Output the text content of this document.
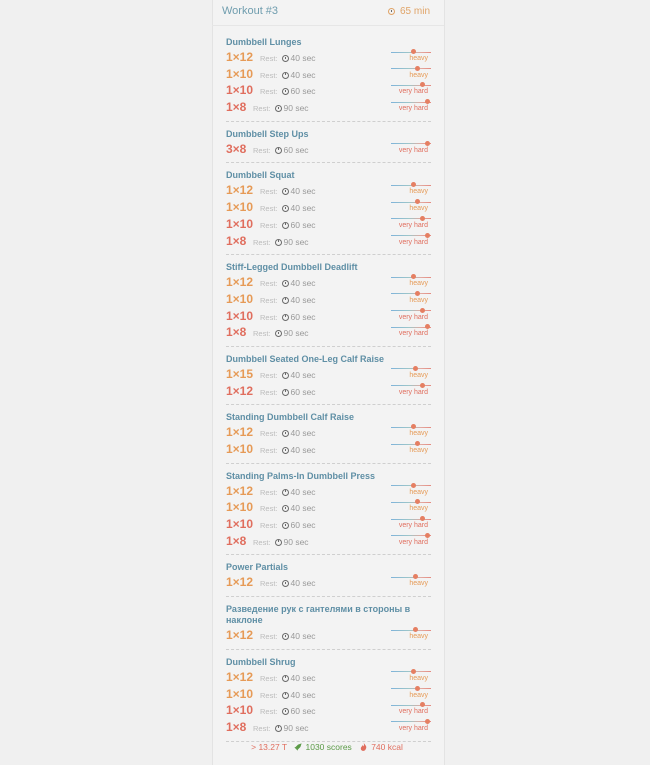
Workout #3	65 min
Dumbbell Lunges
1×12 Rest: 40 sec	heavy
1×10 Rest: 40 sec	heavy
1×10 Rest: 60 sec	very hard
1×8 Rest: 90 sec	very hard
Dumbbell Step Ups
3×8 Rest: 60 sec	very hard
Dumbbell Squat
1×12 Rest: 40 sec	heavy
1×10 Rest: 40 sec	heavy
1×10 Rest: 60 sec	very hard
1×8 Rest: 90 sec	very hard
Stiff-Legged Dumbbell Deadlift
1×12 Rest: 40 sec	heavy
1×10 Rest: 40 sec	heavy
1×10 Rest: 60 sec	very hard
1×8 Rest: 90 sec	very hard
Dumbbell Seated One-Leg Calf Raise
1×15 Rest: 40 sec	heavy
1×12 Rest: 60 sec	very hard
Standing Dumbbell Calf Raise
1×12 Rest: 40 sec	heavy
1×10 Rest: 40 sec	heavy
Standing Palms-In Dumbbell Press
1×12 Rest: 40 sec	heavy
1×10 Rest: 40 sec	heavy
1×10 Rest: 60 sec	very hard
1×8 Rest: 90 sec	very hard
Power Partials
1×12 Rest: 40 sec	heavy
Разведение рук с гантелями в стороны в наклоне
1×12 Rest: 40 sec	heavy
Dumbbell Shrug
1×12 Rest: 40 sec	heavy
1×10 Rest: 40 sec	heavy
1×10 Rest: 60 sec	very hard
1×8 Rest: 90 sec	very hard
> 13.27 T 1030 scores 740 kcal
